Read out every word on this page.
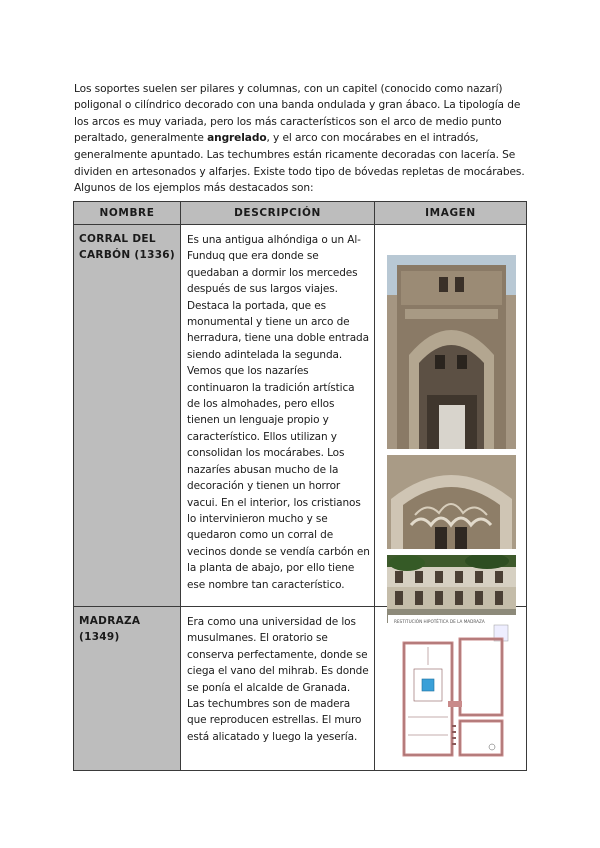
Los soportes suelen ser pilares y columnas, con un capitel (conocido como nazarí) poligonal o cilíndrico decorado con una banda ondulada y gran ábaco. La tipología de los arcos es muy variada, pero los más característicos son el arco de medio punto peraltado, generalmente angrelado, y el arco con mocárabes en el intradós, generalmente apuntado. Las techumbres están ricamente decoradas con lacería. Se dividen en artesonados y alfarjes. Existe todo tipo de bóvedas repletas de mocárabes. Algunos de los ejemplos más destacados son:

NOMBRE	DESCRIPCIÓN	IMAGEN
CORRAL DEL CARBÓN (1336)	Es una antigua alhóndiga o un Al-Funduq que era donde se quedaban a dormir los mercedes después de sus largos viajes. Destaca la portada, que es monumental y tiene un arco de herradura, tiene una doble entrada siendo adintelada la segunda. Vemos que los nazaríes continuaron la tradición artística de los almohades, pero ellos tienen un lenguaje propio y característico. Ellos utilizan y consolidan los mocárabes. Los nazaríes abusan mucho de la decoración y tienen un horror vacui. En el interior, los cristianos lo intervinieron mucho y se quedaron como un corral de vecinos donde se vendía carbón en la planta de abajo, por ello tiene ese nombre tan característico.	

MADRAZA (1349)	Era como una universidad de los musulmanes. El oratorio se conserva perfectamente, donde se ciega el vano del mihrab. Es donde se ponía el alcalde de Granada. Las techumbres son de madera que reproducen estrellas. El muro está alicatado y luego la yesería.	RESTITUCIÓN HIPOTÉTICA DE LA MADRAZA
